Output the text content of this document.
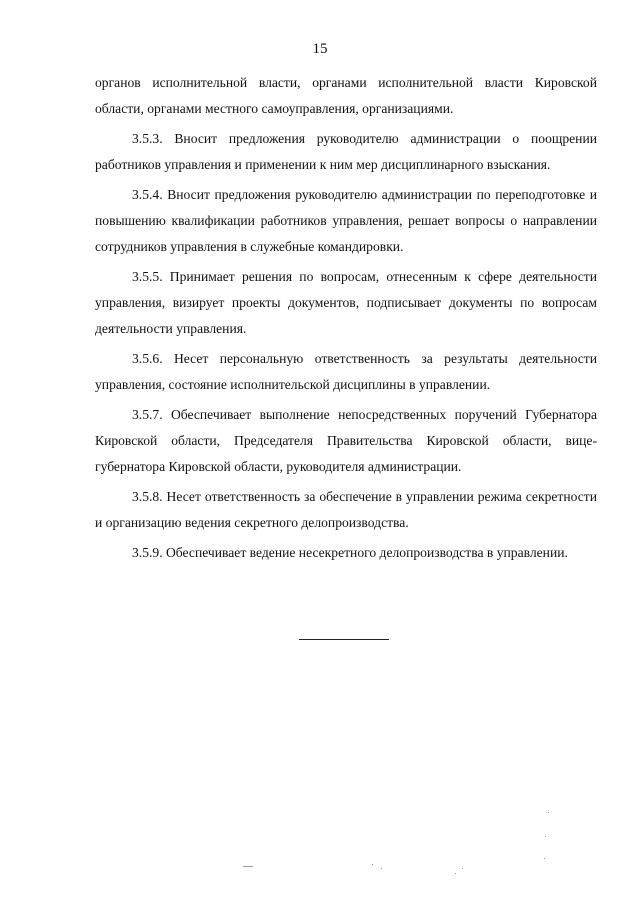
15

органов исполнительной власти, органами исполнительной власти Кировской области, органами местного самоуправления, организациями.

3.5.3. Вносит предложения руководителю администрации о поощрении работников управления и применении к ним мер дисциплинарного взыскания.

3.5.4. Вносит предложения руководителю администрации по переподготовке и повышению квалификации работников управления, решает вопросы о направлении сотрудников управления в служебные командировки.

3.5.5. Принимает решения по вопросам, отнесенным к сфере деятельности управления, визирует проекты документов, подписывает документы по вопросам деятельности управления.

3.5.6. Несет персональную ответственность за результаты деятельности управления, состояние исполнительской дисциплины в управлении.

3.5.7. Обеспечивает выполнение непосредственных поручений Губернатора Кировской области, Председателя Правительства Кировской области, вице-губернатора Кировской области, руководителя администрации.

3.5.8. Несет ответственность за обеспечение в управлении режима секретности и организацию ведения секретного делопроизводства.

3.5.9. Обеспечивает ведение несекретного делопроизводства в управлении.
